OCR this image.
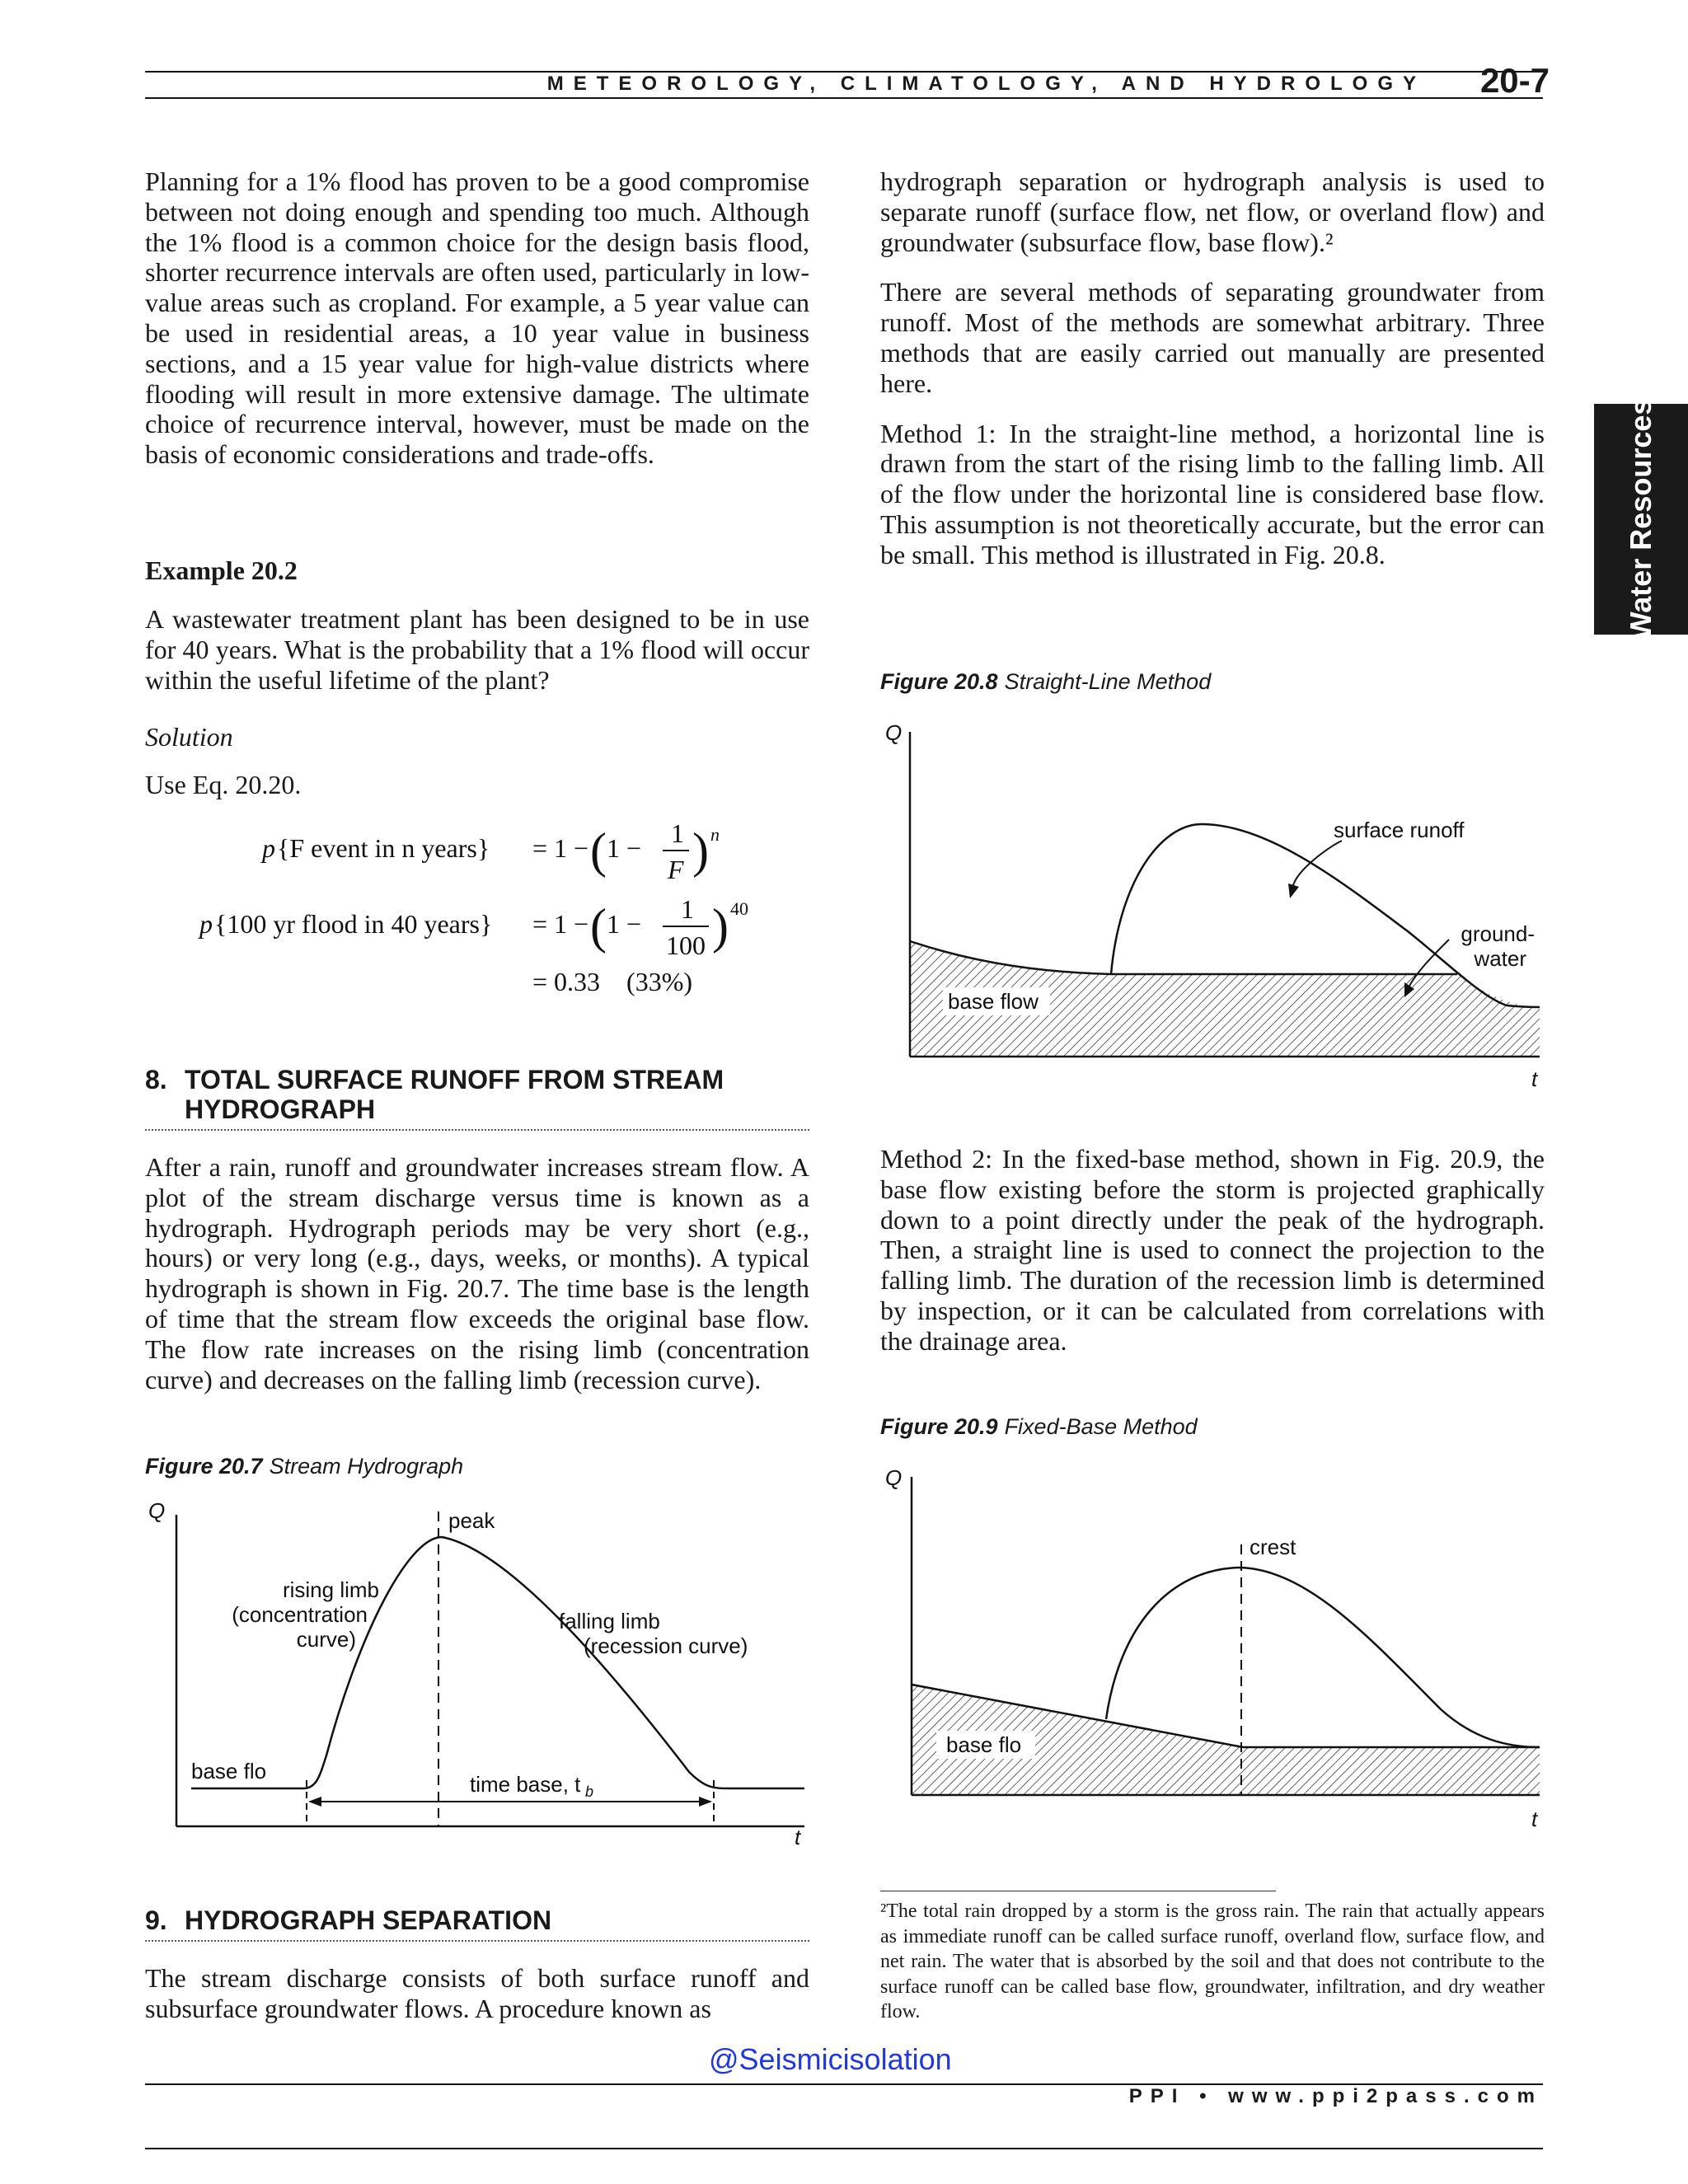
METEOROLOGY, CLIMATOLOGY, AND HYDROLOGY	20-7
Water Resources

Planning for a 1% flood has proven to be a good compromise between not doing enough and spending too much. Although the 1% flood is a common choice for the design basis flood, shorter recurrence intervals are often used, particularly in low-value areas such as cropland. For example, a 5 year value can be used in residential areas, a 10 year value in business sections, and a 15 year value for high-value districts where flooding will result in more extensive damage. The ultimate choice of recurrence interval, however, must be made on the basis of economic considerations and trade-offs.

Example 20.2

A wastewater treatment plant has been designed to be in use for 40 years. What is the probability that a 1% flood will occur within the useful lifetime of the plant?

Solution

Use Eq. 20.20.

p {F event in n years} = 1 − ( 1 − 1
F ) n
p {100 yr flood in 40 years} = 1 − ( 1 − 1
100 ) 40
= 0.33    (33%)
8. TOTAL SURFACE RUNOFF FROM STREAM HYDROGRAPH

After a rain, runoff and groundwater increases stream flow. A plot of the stream discharge versus time is known as a hydrograph. Hydrograph periods may be very short (e.g., hours) or very long (e.g., days, weeks, or months). A typical hydrograph is shown in Fig. 20.7. The time base is the length of time that the stream flow exceeds the original base flow. The flow rate increases on the rising limb (concentration curve) and decreases on the falling limb (recession curve).

Figure 20.7 Stream Hydrograph
Q
t
peak
rising limb
(concentration
curve)
falling limb
(recession curve)
base flo
time base, t b
9. HYDROGRAPH SEPARATION

The stream discharge consists of both surface runoff and subsurface groundwater flows. A procedure known as

hydrograph separation or hydrograph analysis is used to separate runoff (surface flow, net flow, or overland flow) and groundwater (subsurface flow, base flow).²

There are several methods of separating groundwater from runoff. Most of the methods are somewhat arbitrary. Three methods that are easily carried out manually are presented here.

Method 1: In the straight-line method, a horizontal line is drawn from the start of the rising limb to the falling limb. All of the flow under the horizontal line is considered base flow. This assumption is not theoretically accurate, but the error can be small. This method is illustrated in Fig. 20.8.

Figure 20.8 Straight-Line Method
Q
t
surface runoff
ground-
water
base flow

Method 2: In the fixed-base method, shown in Fig. 20.9, the base flow existing before the storm is projected graphically down to a point directly under the peak of the hydrograph. Then, a straight line is used to connect the projection to the falling limb. The duration of the recession limb is determined by inspection, or it can be calculated from correlations with the drainage area.

Figure 20.9 Fixed-Base Method
Q
t
crest
base flo
²The total rain dropped by a storm is the gross rain. The rain that actually appears as immediate runoff can be called surface runoff, overland flow, surface flow, and net rain. The water that is absorbed by the soil and that does not contribute to the surface runoff can be called base flow, groundwater, infiltration, and dry weather flow.
@Seismicisolation
PPI • www.ppi2pass.com
